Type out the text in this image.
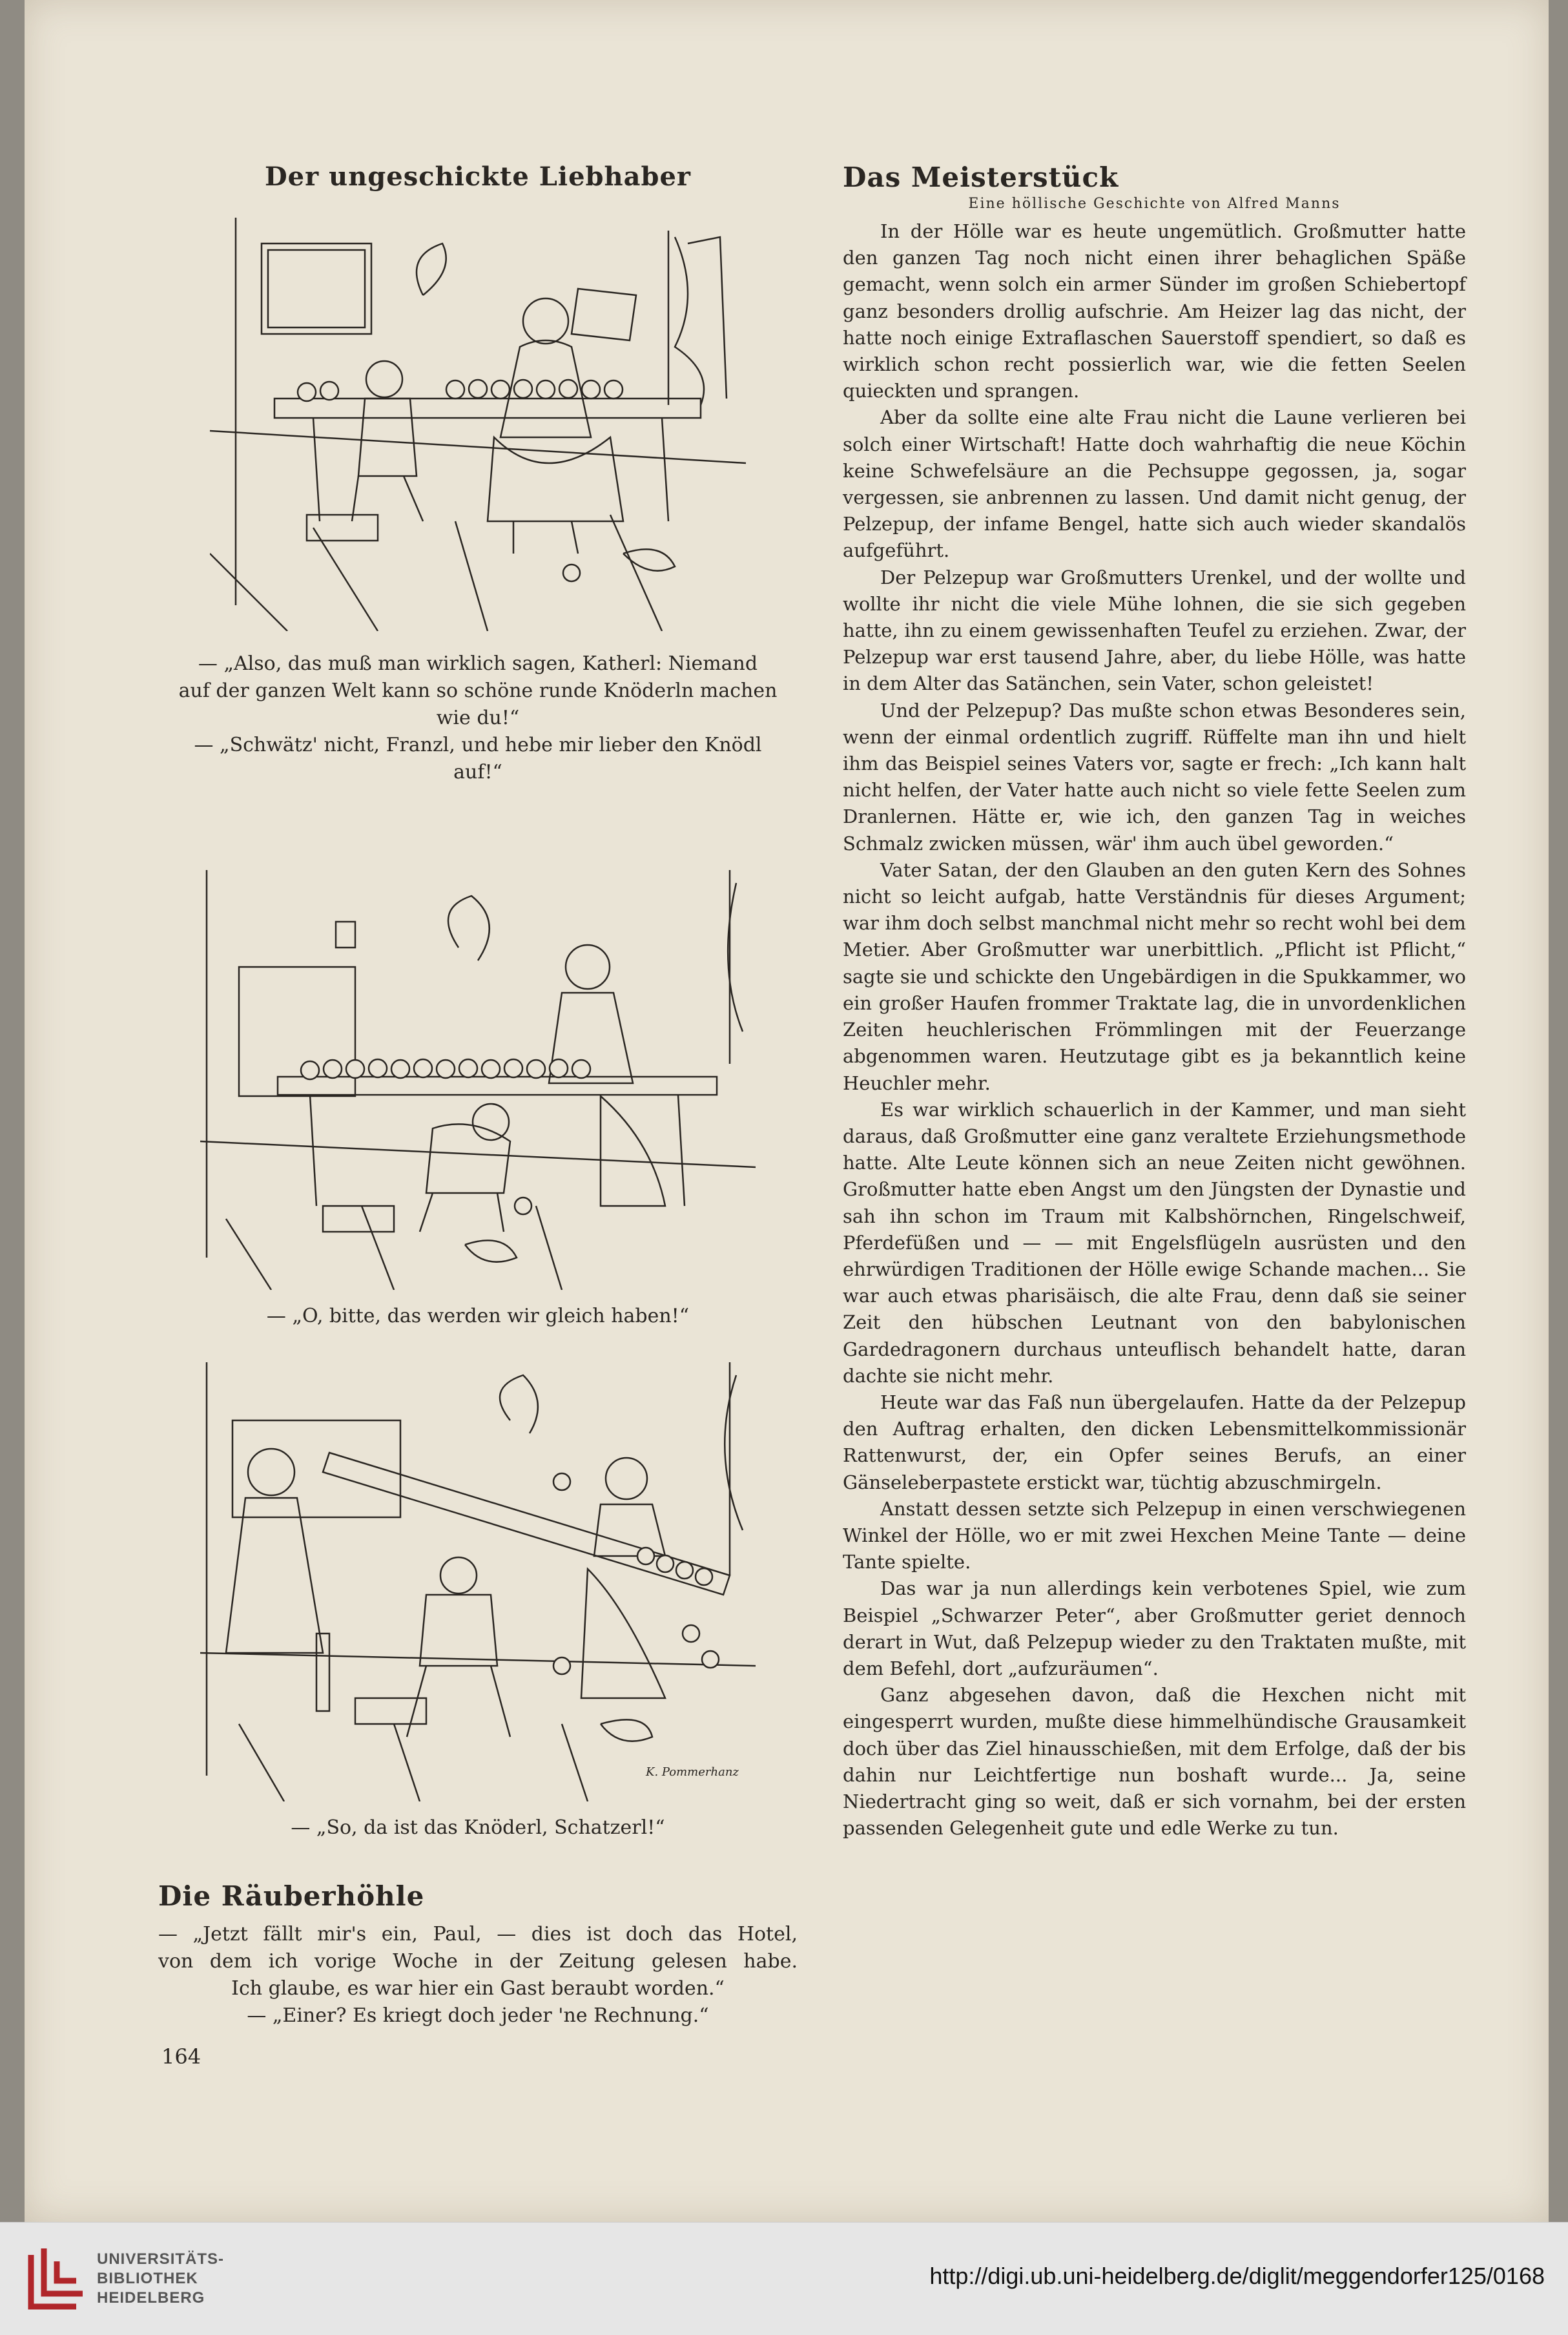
Der ungeschickte Liebhaber
— „Also, das muß man wirklich sagen, Katherl: Niemand
auf der ganzen Welt kann so schöne runde Knöderln machen
wie du!“
— „Schwätz' nicht, Franzl, und hebe mir lieber den Knödl
auf!“
— „O, bitte, das werden wir gleich haben!“
K. Pommerhanz
— „So, da ist das Knöderl, Schatzerl!“
Die Räuberhöhle
— „Jetzt fällt mir's ein, Paul, — dies ist doch das Hotel,
von dem ich vorige Woche in der Zeitung gelesen habe.
Ich glaube, es war hier ein Gast beraubt worden.“
— „Einer? Es kriegt doch jeder 'ne Rechnung.“
164
Das Meisterstück
Eine höllische Geschichte von Alfred Manns
In der Hölle war es heute ungemütlich. Großmutter hatte den ganzen Tag noch nicht einen ihrer behaglichen Späße gemacht, wenn solch ein armer Sünder im großen Schiebertopf ganz besonders drollig aufschrie. Am Heizer lag das nicht, der hatte noch einige Extraflaschen Sauerstoff spendiert, so daß es wirklich schon recht possierlich war, wie die fetten Seelen quieckten und sprangen.
Aber da sollte eine alte Frau nicht die Laune verlieren bei solch einer Wirtschaft! Hatte doch wahrhaftig die neue Köchin keine Schwefelsäure an die Pechsuppe gegossen, ja, sogar vergessen, sie anbrennen zu lassen. Und damit nicht genug, der Pelzepup, der infame Bengel, hatte sich auch wieder skandalös aufgeführt.
Der Pelzepup war Großmutters Urenkel, und der wollte und wollte ihr nicht die viele Mühe lohnen, die sie sich gegeben hatte, ihn zu einem gewissenhaften Teufel zu erziehen. Zwar, der Pelzepup war erst tausend Jahre, aber, du liebe Hölle, was hatte in dem Alter das Satänchen, sein Vater, schon geleistet!
Und der Pelzepup? Das mußte schon etwas Besonderes sein, wenn der einmal ordentlich zugriff. Rüffelte man ihn und hielt ihm das Beispiel seines Vaters vor, sagte er frech: „Ich kann halt nicht helfen, der Vater hatte auch nicht so viele fette Seelen zum Dranlernen. Hätte er, wie ich, den ganzen Tag in weiches Schmalz zwicken müssen, wär' ihm auch übel geworden.“
Vater Satan, der den Glauben an den guten Kern des Sohnes nicht so leicht aufgab, hatte Verständnis für dieses Argument; war ihm doch selbst manchmal nicht mehr so recht wohl bei dem Metier. Aber Großmutter war unerbittlich. „Pflicht ist Pflicht,“ sagte sie und schickte den Ungebärdigen in die Spukkammer, wo ein großer Haufen frommer Traktate lag, die in unvordenklichen Zeiten heuchlerischen Frömmlingen mit der Feuerzange abgenommen waren. Heutzutage gibt es ja bekanntlich keine Heuchler mehr.
Es war wirklich schauerlich in der Kammer, und man sieht daraus, daß Großmutter eine ganz veraltete Erziehungsmethode hatte. Alte Leute können sich an neue Zeiten nicht gewöhnen. Großmutter hatte eben Angst um den Jüngsten der Dynastie und sah ihn schon im Traum mit Kalbshörnchen, Ringelschweif, Pferdefüßen und — — mit Engelsflügeln ausrüsten und den ehrwürdigen Traditionen der Hölle ewige Schande machen... Sie war auch etwas pharisäisch, die alte Frau, denn daß sie seiner Zeit den hübschen Leutnant von den babylonischen Gardedragonern durchaus unteuflisch behandelt hatte, daran dachte sie nicht mehr.
Heute war das Faß nun übergelaufen. Hatte da der Pelzepup den Auftrag erhalten, den dicken Lebensmittelkommissionär Rattenwurst, der, ein Opfer seines Berufs, an einer Gänseleberpastete erstickt war, tüchtig abzuschmirgeln.
Anstatt dessen setzte sich Pelzepup in einen verschwiegenen Winkel der Hölle, wo er mit zwei Hexchen Meine Tante — deine Tante spielte.
Das war ja nun allerdings kein verbotenes Spiel, wie zum Beispiel „Schwarzer Peter“, aber Großmutter geriet dennoch derart in Wut, daß Pelzepup wieder zu den Traktaten mußte, mit dem Befehl, dort „aufzuräumen“.
Ganz abgesehen davon, daß die Hexchen nicht mit eingesperrt wurden, mußte diese himmelhündische Grausamkeit doch über das Ziel hinausschießen, mit dem Erfolge, daß der bis dahin nur Leichtfertige nun boshaft wurde... Ja, seine Niedertracht ging so weit, daß er sich vornahm, bei der ersten passenden Gelegenheit gute und edle Werke zu tun.
UNIVERSITÄTS-
BIBLIOTHEK
HEIDELBERG
http://digi.ub.uni-heidelberg.de/diglit/meggendorfer125/0168
